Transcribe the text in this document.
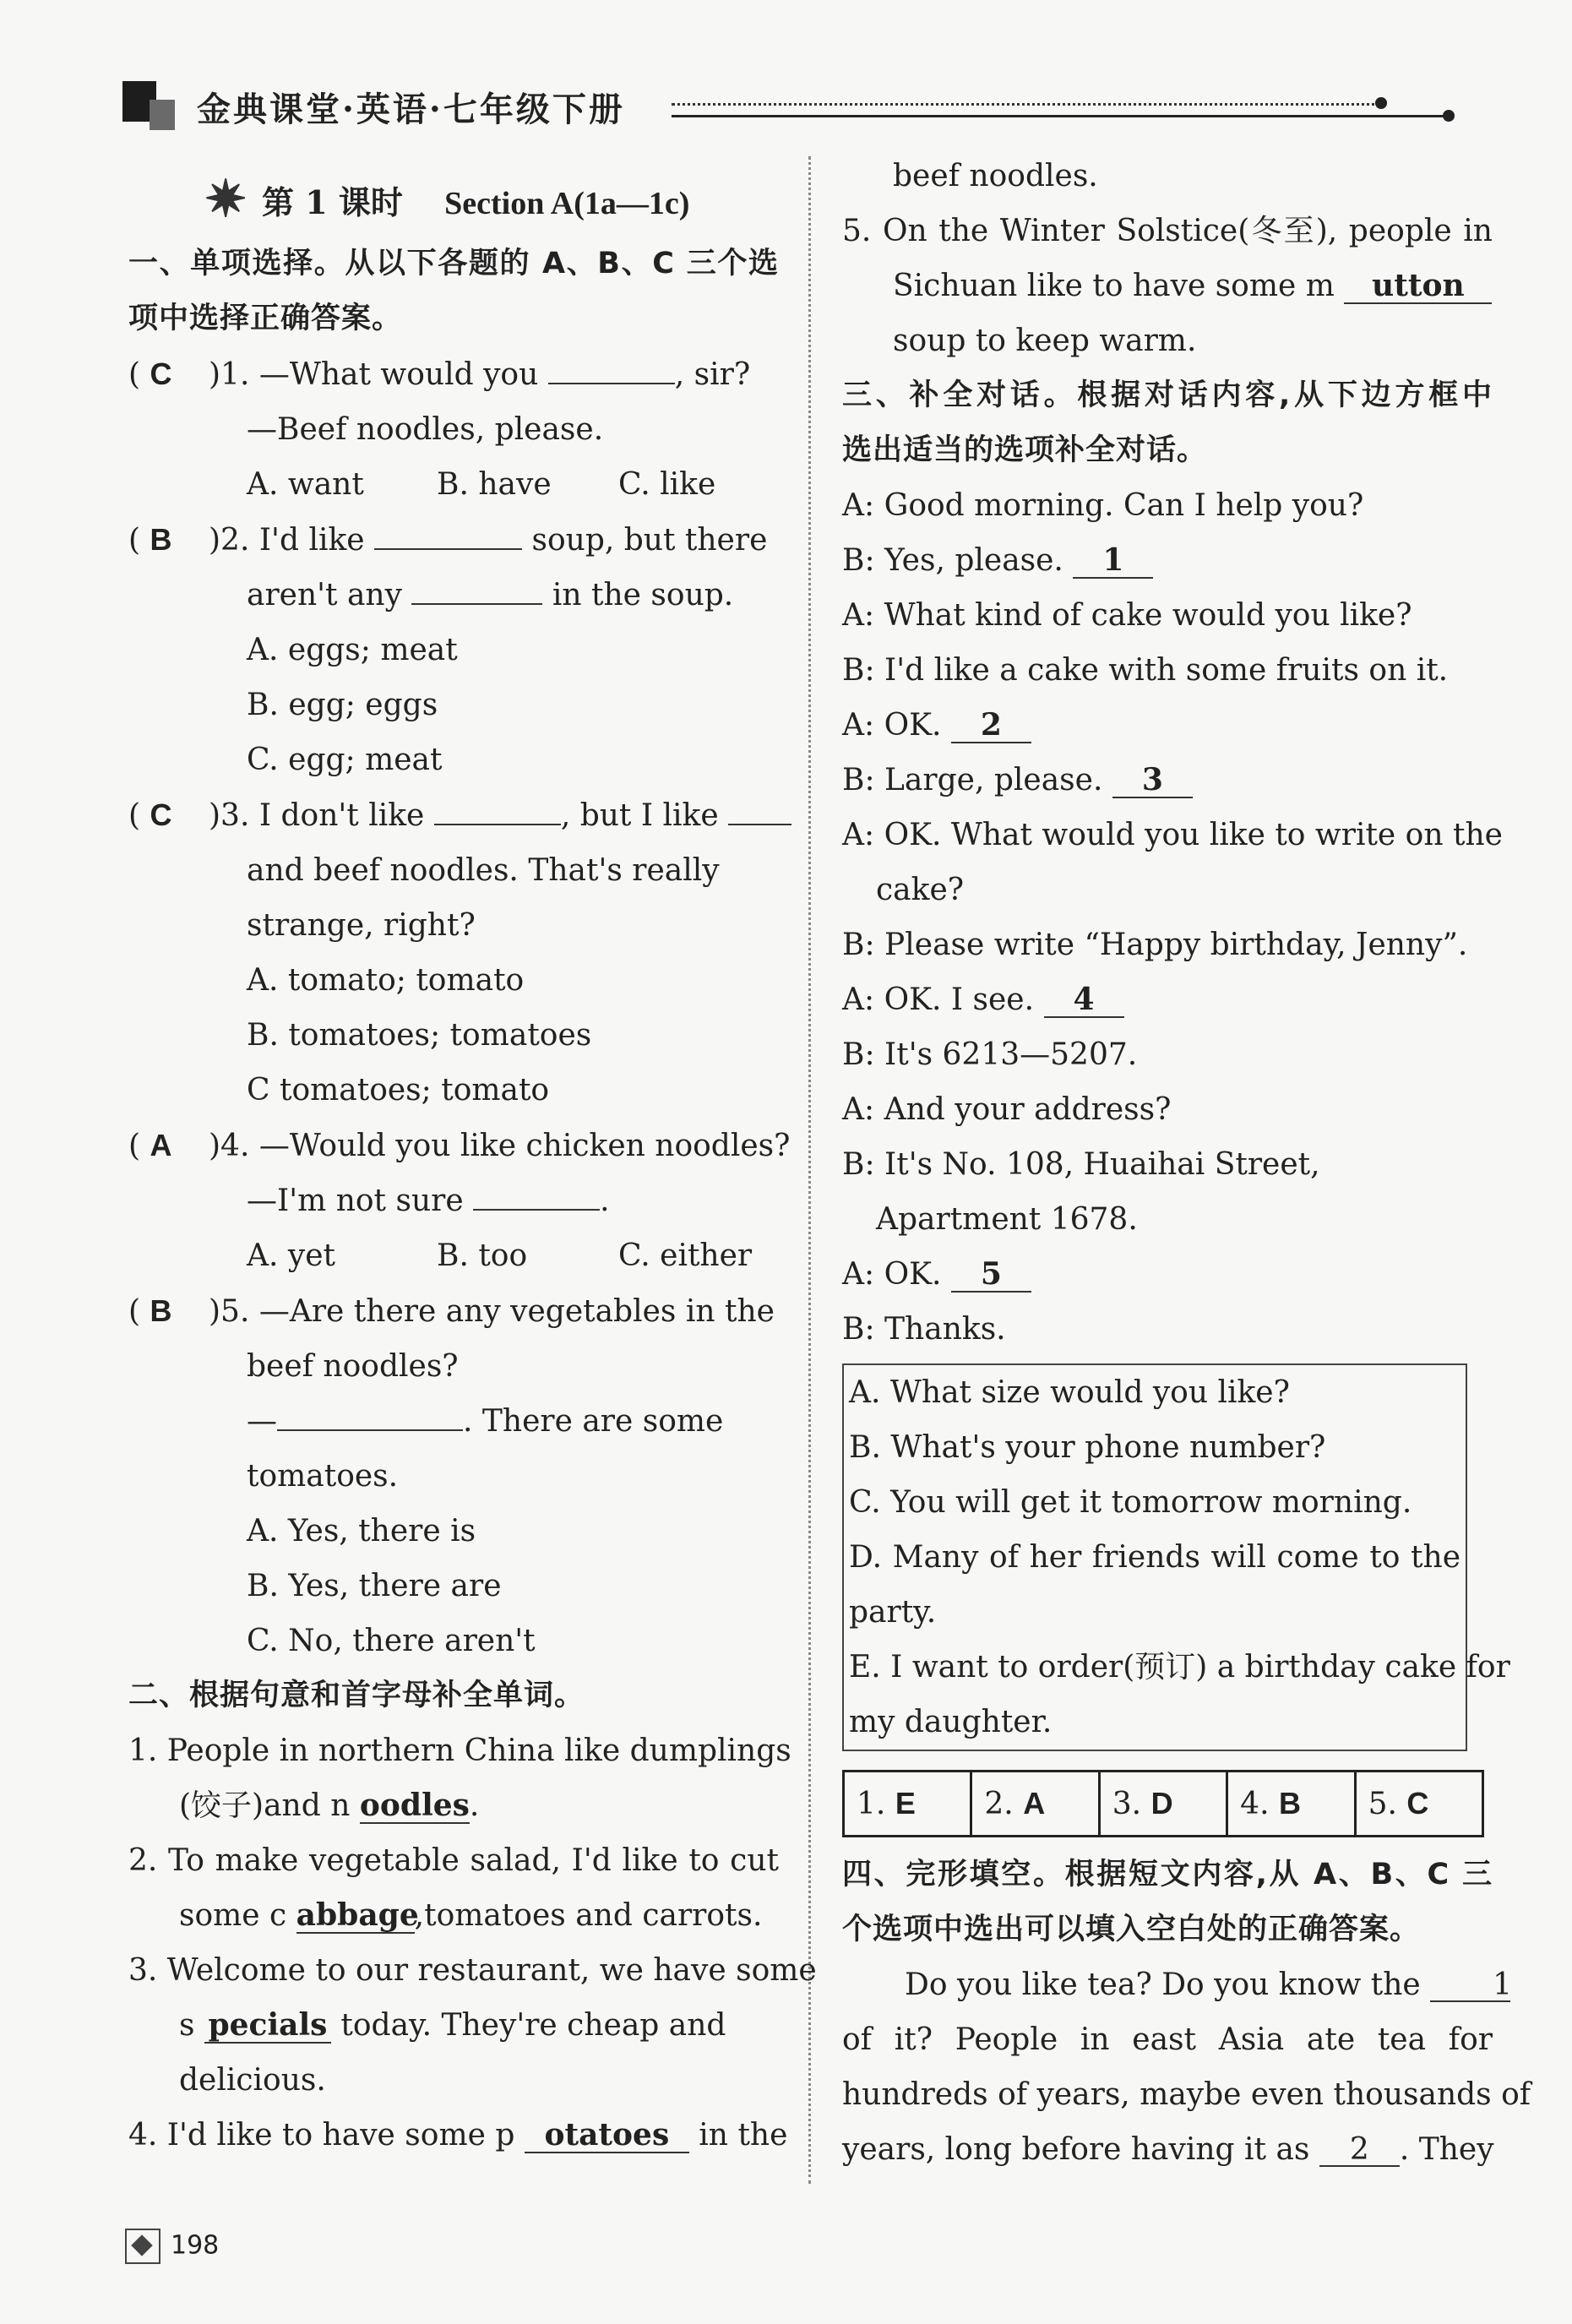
金典课堂·英语·七年级下册
✷ 第 1 课时 Section A(1a—1c)
一、单项选择。从以下各题的 A、B、C 三个选
项中选择正确答案。
( C )1. —What would you	, sir?
—Beef noodles, please.
A. want B. have C. like
( B )2. I'd like	soup, but there
aren't any	in the soup.
A. eggs; meat
B. egg; eggs
C. egg; meat
( C )3. I don't like	, but I like
and beef noodles. That's really
strange, right?
A. tomato; tomato
B. tomatoes; tomatoes
C tomatoes; tomato
( A )4. —Would you like chicken noodles?
—I'm not sure	.
A. yet	B. too	C. either
( B )5. —Are there any vegetables in the
beef noodles?
—	. There are some
tomatoes.
A. Yes, there is
B. Yes, there are
C. No, there aren't
二、根据句意和首字母补全单词。
1. People in northern China like dumplings
(饺子)and n oodles.
2. To make vegetable salad, I'd like to cut
some c abbage,tomatoes and carrots.
3. Welcome to our restaurant, we have some
s pecials today. They're cheap and
delicious.
4. I'd like to have some p otatoes in the
beef noodles.
5. On the Winter Solstice(冬至), people in
Sichuan like to have some m utton
soup to keep warm.
三、补全对话。根据对话内容,从下边方框中
选出适当的选项补全对话。
A: Good morning. Can I help you?
B: Yes, please. 1
A: What kind of cake would you like?
B: I'd like a cake with some fruits on it.
A: OK. 2
B: Large, please. 3
A: OK. What would you like to write on the
cake?
B: Please write “Happy birthday, Jenny”.
A: OK. I see. 4
B: It's 6213—5207.
A: And your address?
B: It's No. 108, Huaihai Street,
Apartment 1678.
A: OK. 5
B: Thanks.
A. What size would you like?
B. What's your phone number?
C. You will get it tomorrow morning.
D. Many of her friends will come to the
party.
E. I want to order(预订) a birthday cake for
my daughter.
1. E	2. A	3. D	4. B	5. C
四、完形填空。根据短文内容,从 A、B、C 三
个选项中选出可以填入空白处的正确答案。
Do you like tea? Do you know the 1
of it? People in east Asia ate tea for
hundreds of years, maybe even thousands of
years, long before having it as 2 . They
198
